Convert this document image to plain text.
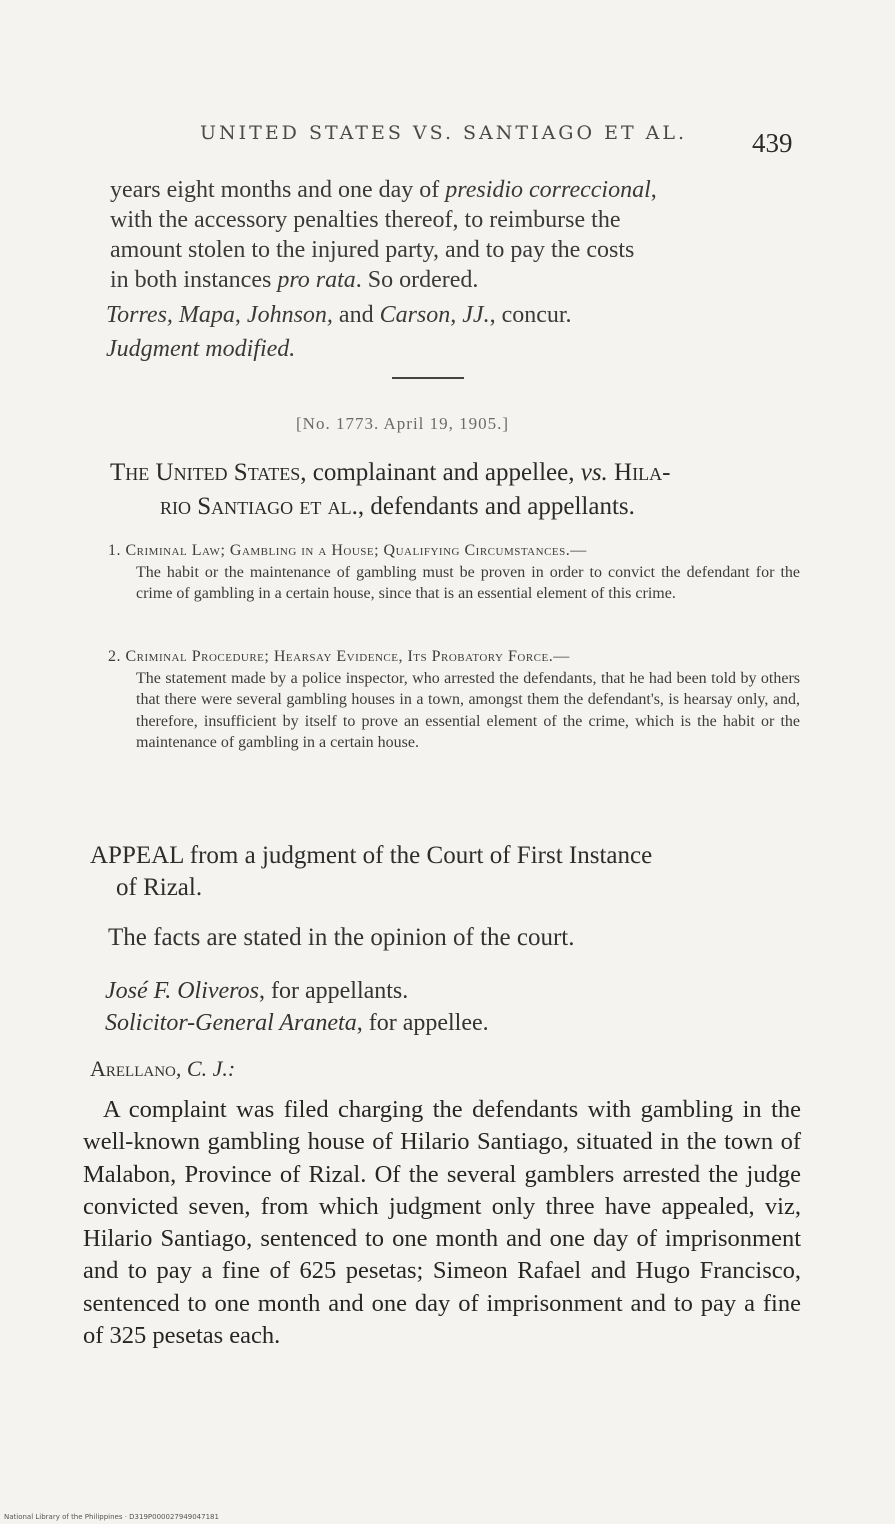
UNITED STATES VS. SANTIAGO ET AL. 439
years eight months and one day of presidio correccional,
with the accessory penalties thereof, to reimburse the
amount stolen to the injured party, and to pay the costs
in both instances pro rata. So ordered.
Torres, Mapa, Johnson, and Carson, JJ., concur.
Judgment modified.
[No. 1773. April 19, 1905.]
The United States, complainant and appellee, vs. Hila-
rio Santiago et al., defendants and appellants.
1. Criminal Law; Gambling in a House; Qualifying Circumstances.—
The habit or the maintenance of gambling must be proven in order to convict the defendant for the crime of gambling in a certain house, since that is an essential element of this crime.
2. Criminal Procedure; Hearsay Evidence, Its Probatory Force.—
The statement made by a police inspector, who arrested the defendants, that he had been told by others that there were several gambling houses in a town, amongst them the defendant's, is hearsay only, and, therefore, insufficient by itself to prove an essential element of the crime, which is the habit or the maintenance of gambling in a certain house.
APPEAL from a judgment of the Court of First Instance
of Rizal.
The facts are stated in the opinion of the court.
José F. Oliveros, for appellants.
Solicitor-General Araneta, for appellee.
Arellano, C. J.:
A complaint was filed charging the defendants with gambling in the well-known gambling house of Hilario Santiago, situated in the town of Malabon, Province of Rizal. Of the several gamblers arrested the judge convicted seven, from which judgment only three have appealed, viz, Hilario Santiago, sentenced to one month and one day of imprisonment and to pay a fine of 625 pesetas; Simeon Rafael and Hugo Francisco, sentenced to one month and one day of imprisonment and to pay a fine of 325 pesetas each.
National Library of the Philippines · D319P000027949047181
